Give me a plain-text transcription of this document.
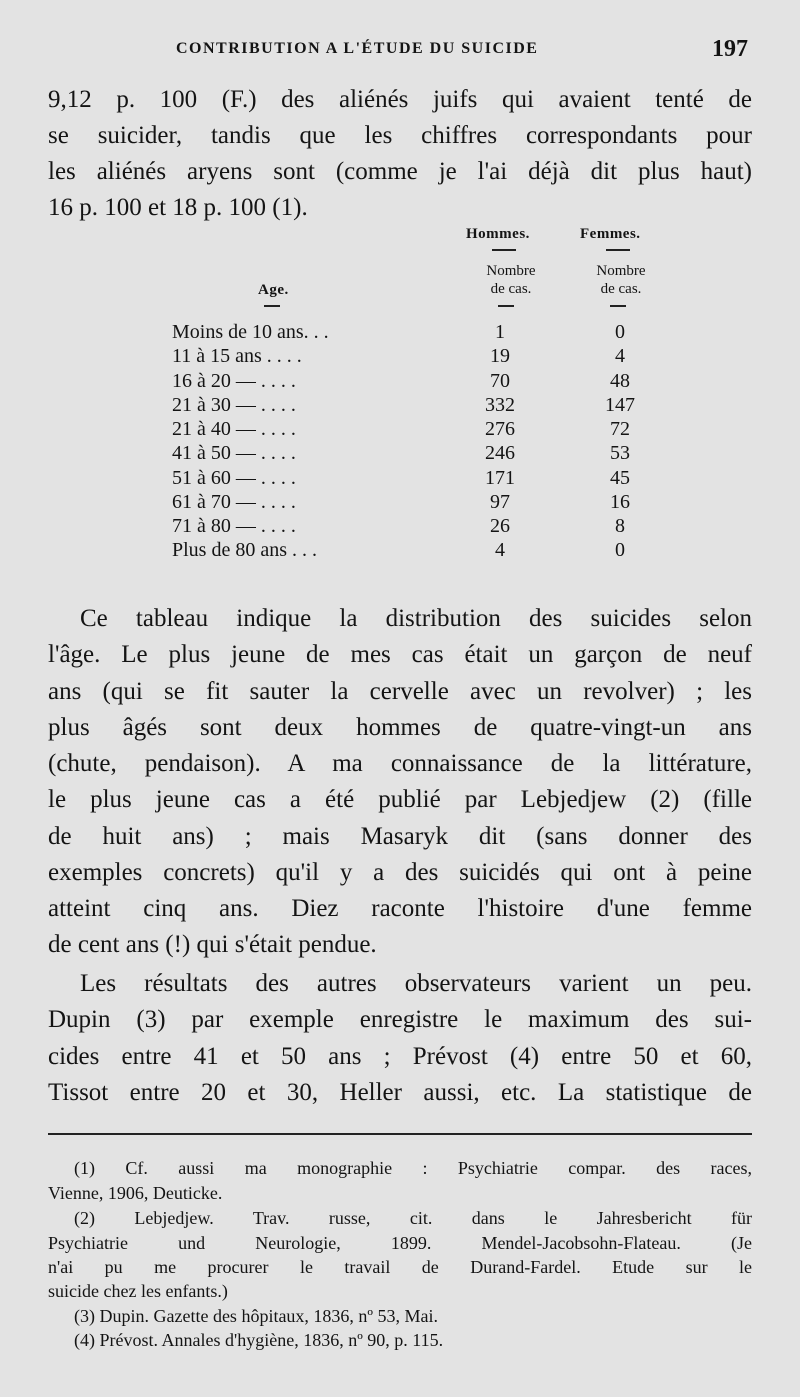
CONTRIBUTION A L'ÉTUDE DU SUICIDE	197
9,12 p. 100 (F.) des aliénés juifs qui avaient tenté de
se suicider, tandis que les chiffres correspondants pour
les aliénés aryens sont (comme je l'ai déjà dit plus haut)
16 p. 100 et 18 p. 100 (1).
Hommes.	Femmes.
Nombre
de cas.
Nombre
de cas.
Age.
Moins de 10 ans. . .	1	0
11 à 15 ans . . . .	19	4
16 à 20 — . . . .	70	48
21 à 30 — . . . .	332	147
21 à 40 — . . . .	276	72
41 à 50 — . . . .	246	53
51 à 60 — . . . .	171	45
61 à 70 — . . . .	97	16
71 à 80 — . . . .	26	8
Plus de 80 ans . . .	4	0
Ce tableau indique la distribution des suicides selon
l'âge. Le plus jeune de mes cas était un garçon de neuf
ans (qui se fit sauter la cervelle avec un revolver) ; les
plus âgés sont deux hommes de quatre-vingt-un ans
(chute, pendaison). A ma connaissance de la littérature,
le plus jeune cas a été publié par Lebjedjew (2) (fille
de huit ans) ; mais Masaryk dit (sans donner des
exemples concrets) qu'il y a des suicidés qui ont à peine
atteint cinq ans. Diez raconte l'histoire d'une femme
de cent ans (!) qui s'était pendue.
Les résultats des autres observateurs varient un peu.
Dupin (3) par exemple enregistre le maximum des sui-
cides entre 41 et 50 ans ; Prévost (4) entre 50 et 60,
Tissot entre 20 et 30, Heller aussi, etc. La statistique de
(1) Cf. aussi ma monographie : Psychiatrie compar. des races,
Vienne, 1906, Deuticke.
(2) Lebjedjew. Trav. russe, cit. dans le Jahresbericht für
Psychiatrie und Neurologie, 1899. Mendel-Jacobsohn-Flateau. (Je
n'ai pu me procurer le travail de Durand-Fardel. Etude sur le
suicide chez les enfants.)
(3) Dupin. Gazette des hôpitaux, 1836, nº 53, Mai.
(4) Prévost. Annales d'hygiène, 1836, nº 90, p. 115.
